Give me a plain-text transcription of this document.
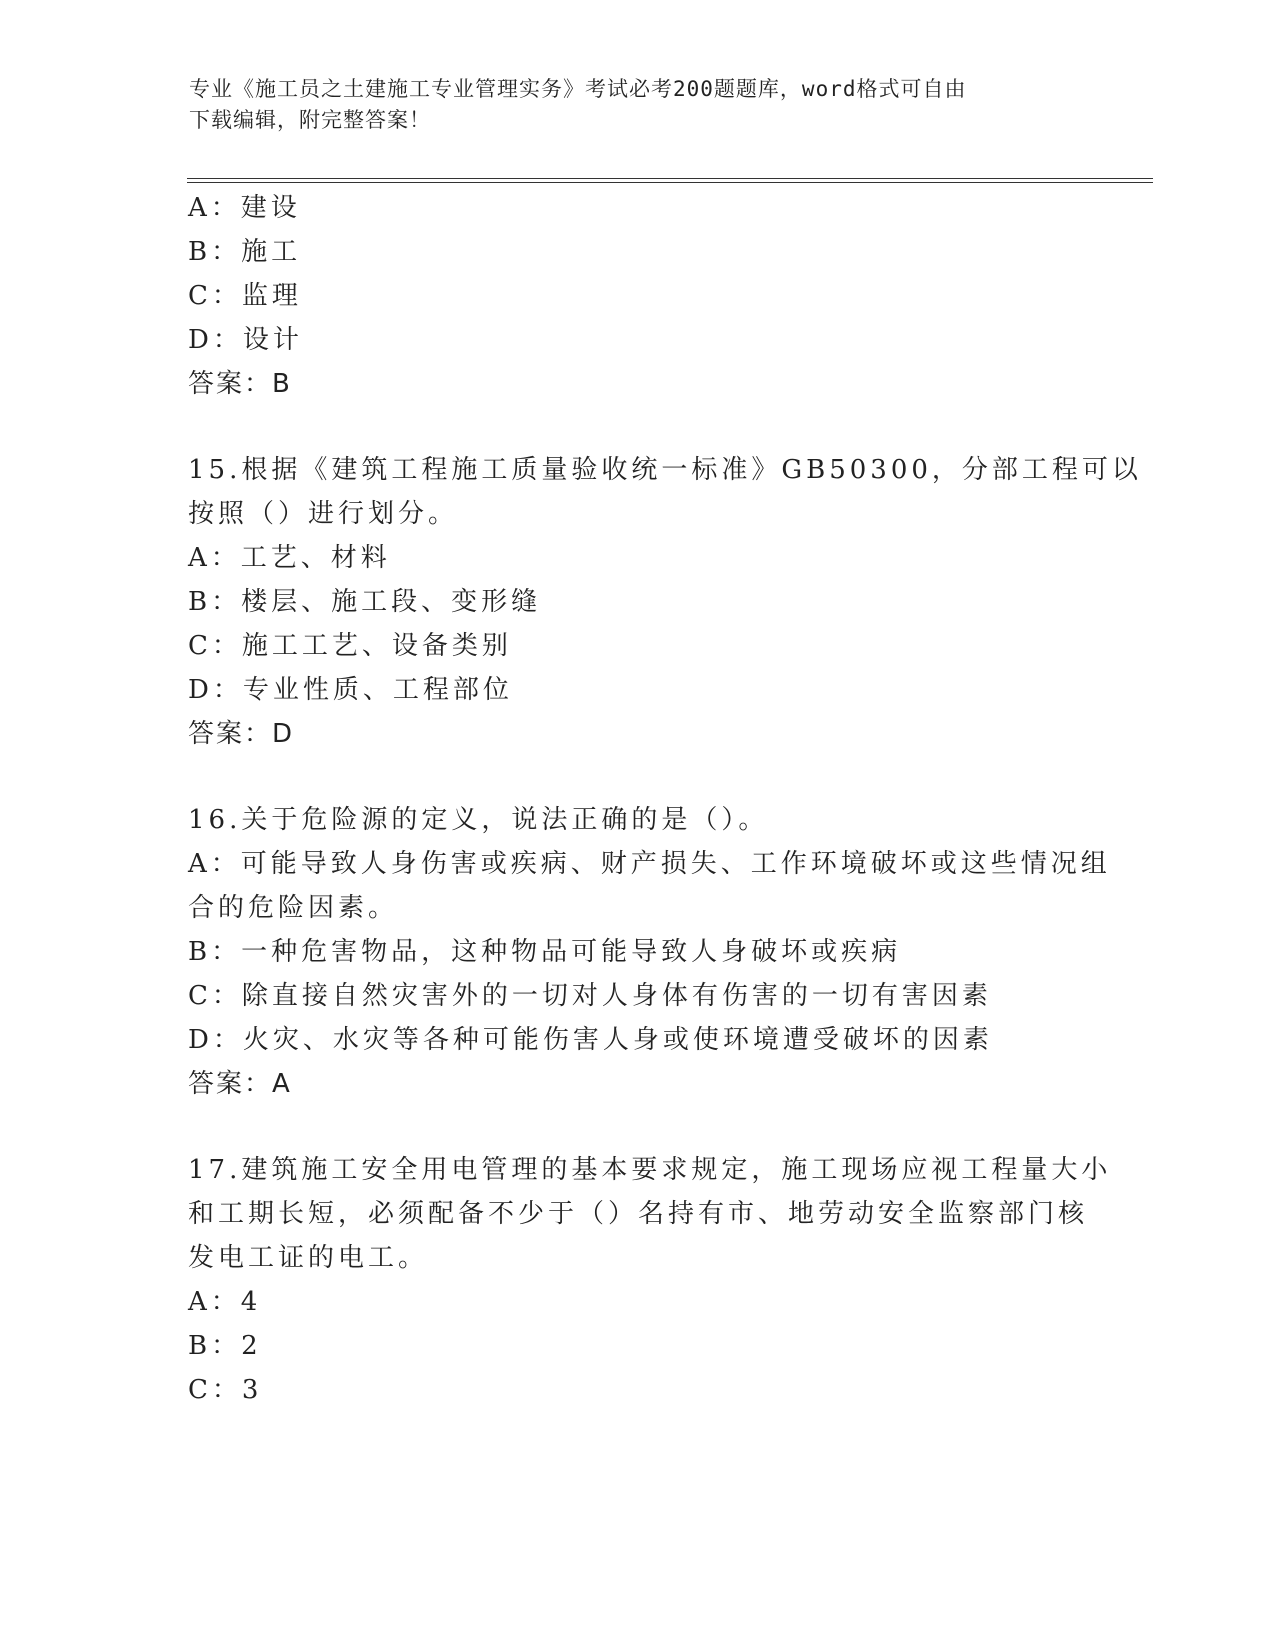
专业《施工员之土建施工专业管理实务》考试必考200题题库，word格式可自由
下载编辑，附完整答案！
A：建设
B：施工
C：监理
D：设计
答案：B
15.根据《建筑工程施工质量验收统一标准》GB50300，分部工程可以
按照（）进行划分。
A：工艺、材料
B：楼层、施工段、变形缝
C：施工工艺、设备类别
D：专业性质、工程部位
答案：D
16.关于危险源的定义，说法正确的是（）。
A：可能导致人身伤害或疾病、财产损失、工作环境破坏或这些情况组
合的危险因素。
B：一种危害物品，这种物品可能导致人身破坏或疾病
C：除直接自然灾害外的一切对人身体有伤害的一切有害因素
D：火灾、水灾等各种可能伤害人身或使环境遭受破坏的因素
答案：A
17.建筑施工安全用电管理的基本要求规定，施工现场应视工程量大小
和工期长短，必须配备不少于（）名持有市、地劳动安全监察部门核
发电工证的电工。
A：4
B：2
C：3
